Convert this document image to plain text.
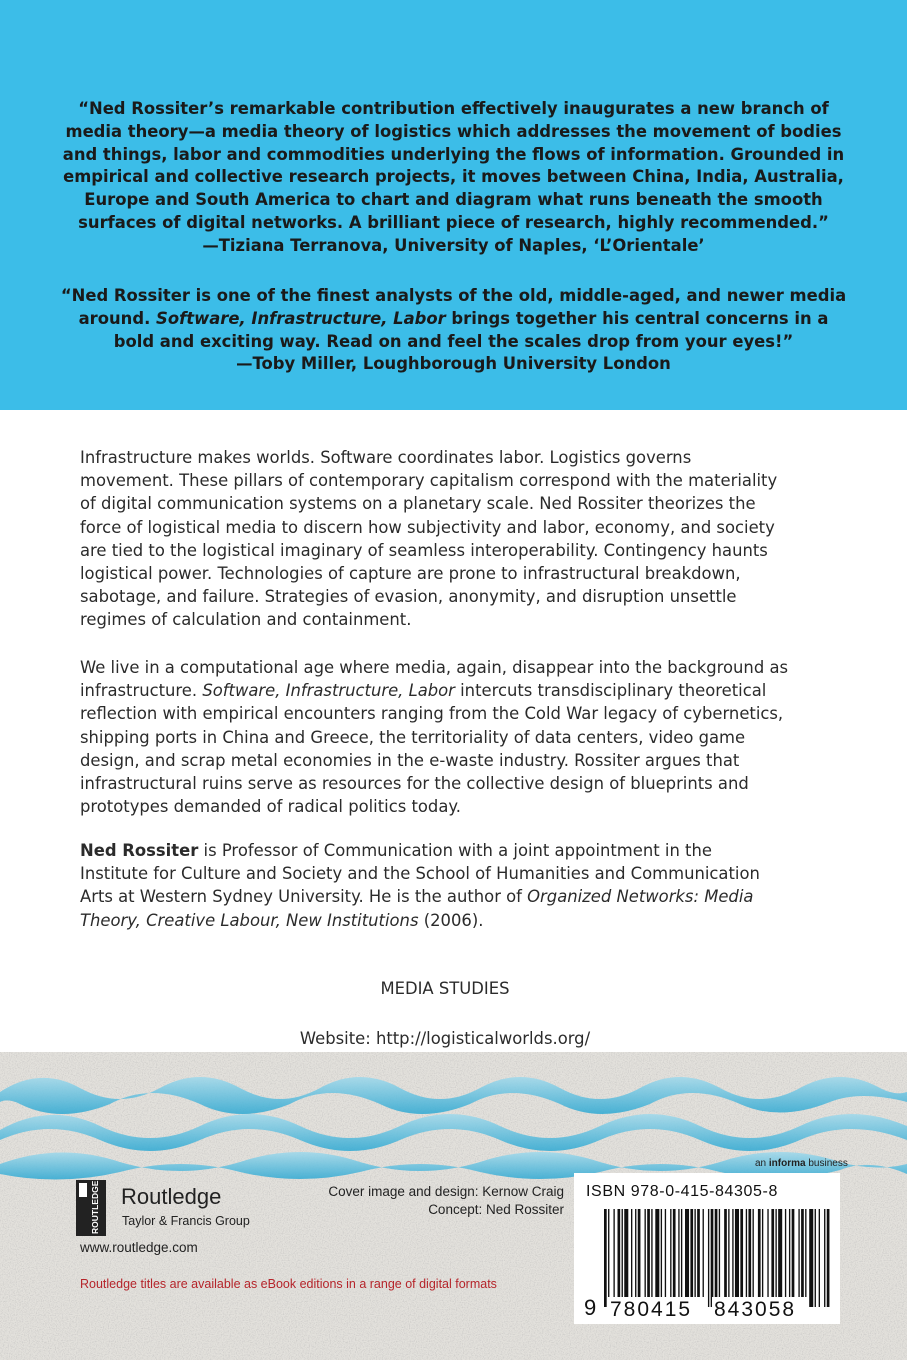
“Ned Rossiter’s remarkable contribution effectively inaugurates a new branch of
media theory—a media theory of logistics which addresses the movement of bodies
and things, labor and commodities underlying the flows of information. Grounded in
empirical and collective research projects, it moves between China, India, Australia,
Europe and South America to chart and diagram what runs beneath the smooth
surfaces of digital networks. A brilliant piece of research, highly recommended.”
—Tiziana Terranova, University of Naples, ‘L’Orientale’
“Ned Rossiter is one of the finest analysts of the old, middle-aged, and newer media
around. Software, Infrastructure, Labor brings together his central concerns in a
bold and exciting way. Read on and feel the scales drop from your eyes!”
—Toby Miller, Loughborough University London
Infrastructure makes worlds. Software coordinates labor. Logistics governs
movement. These pillars of contemporary capitalism correspond with the materiality
of digital communication systems on a planetary scale. Ned Rossiter theorizes the
force of logistical media to discern how subjectivity and labor, economy, and society
are tied to the logistical imaginary of seamless interoperability. Contingency haunts
logistical power. Technologies of capture are prone to infrastructural breakdown,
sabotage, and failure. Strategies of evasion, anonymity, and disruption unsettle
regimes of calculation and containment.
We live in a computational age where media, again, disappear into the background as
infrastructure. Software, Infrastructure, Labor intercuts transdisciplinary theoretical
reflection with empirical encounters ranging from the Cold War legacy of cybernetics,
shipping ports in China and Greece, the territoriality of data centers, video game
design, and scrap metal economies in the e-waste industry. Rossiter argues that
infrastructural ruins serve as resources for the collective design of blueprints and
prototypes demanded of radical politics today.
Ned Rossiter is Professor of Communication with a joint appointment in the
Institute for Culture and Society and the School of Humanities and Communication
Arts at Western Sydney University. He is the author of Organized Networks: Media
Theory, Creative Labour, New Institutions (2006).
MEDIA STUDIES
Website: http://logisticalworlds.org/
an informa business
ROUTLEDGE Routledge
Taylor & Francis Group
www.routledge.com
Cover image and design: Kernow Craig
Concept: Ned Rossiter
Routledge titles are available as eBook editions in a range of digital formats
ISBN 978-0-415-84305-8
9 780415 843058
